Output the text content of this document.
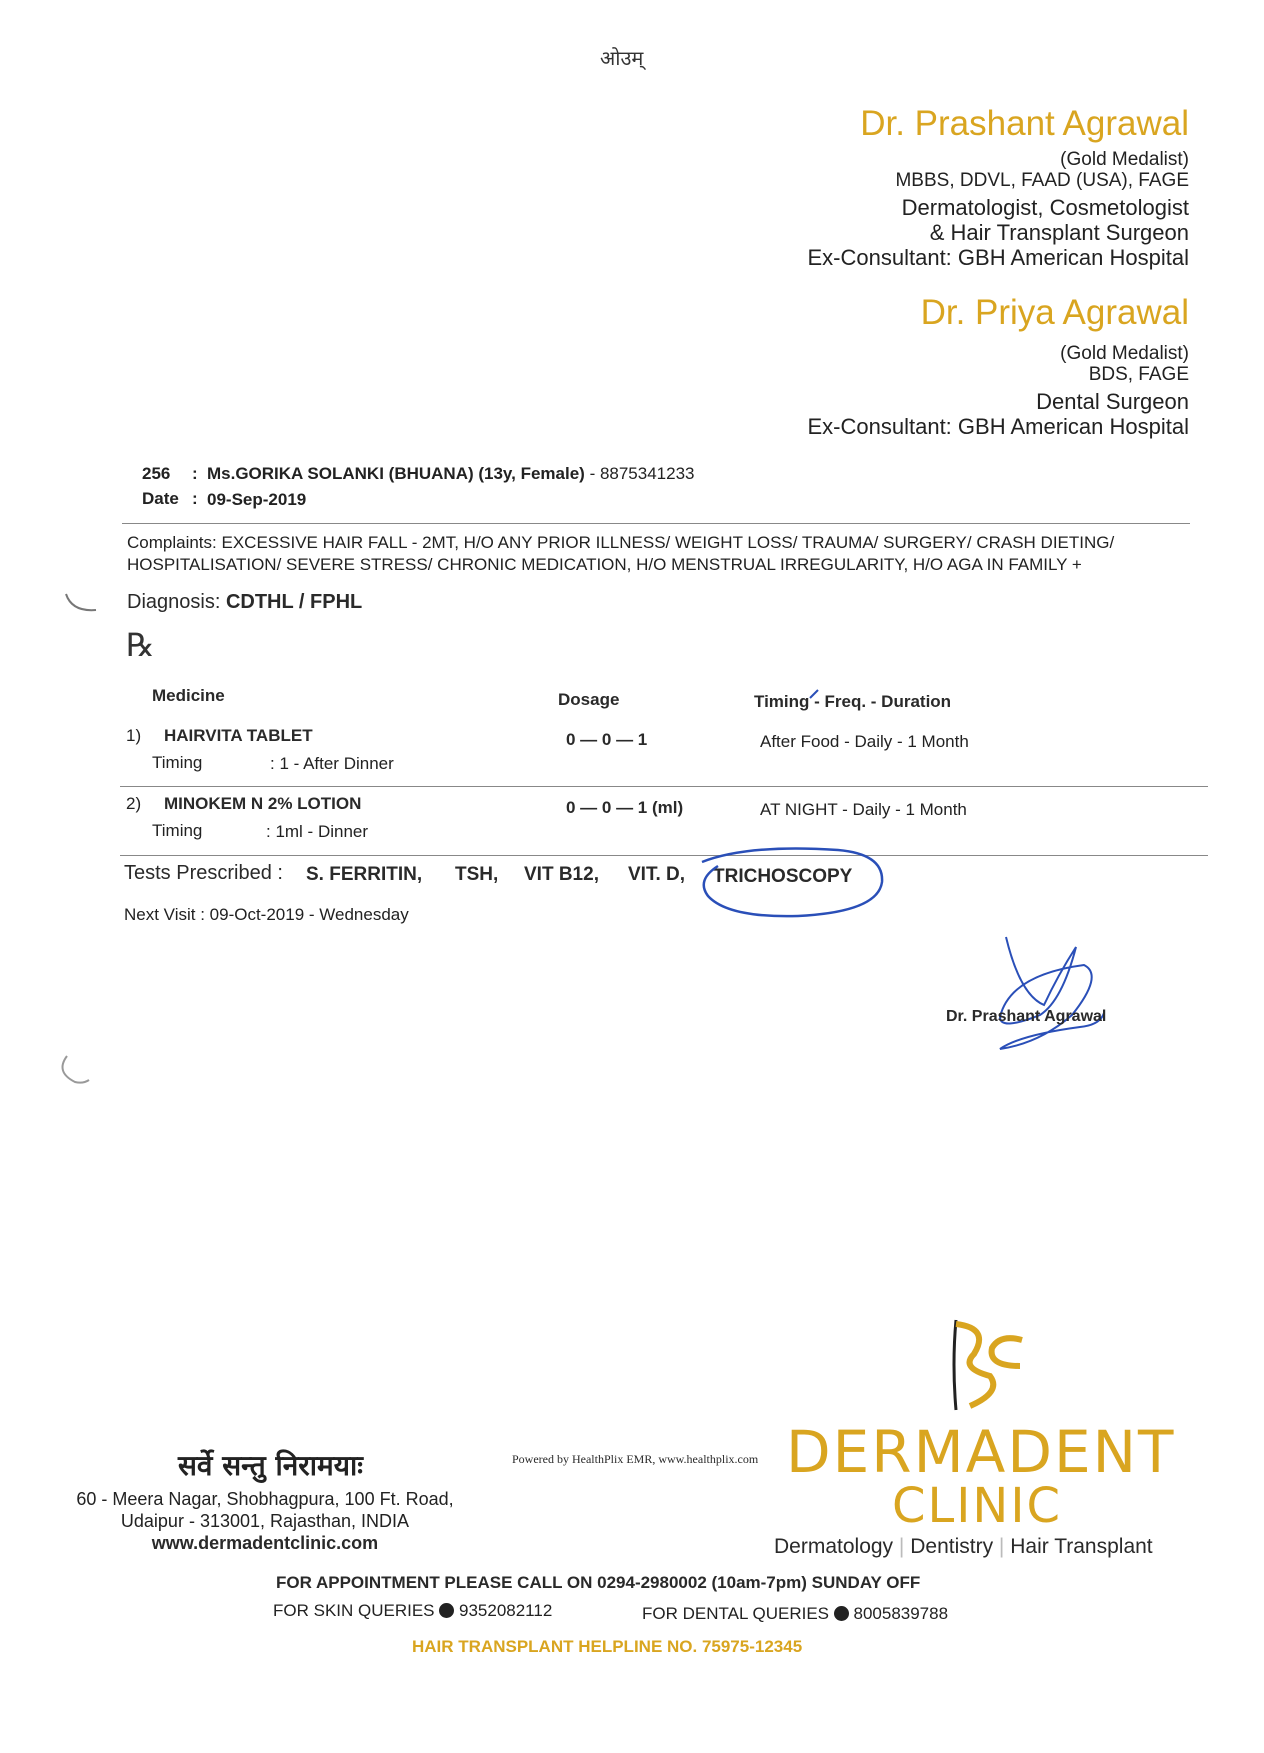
ओउम्
Dr. Prashant Agrawal
(Gold Medalist)
MBBS, DDVL, FAAD (USA), FAGE
Dermatologist, Cosmetologist
& Hair Transplant Surgeon
Ex-Consultant: GBH American Hospital
Dr. Priya Agrawal
(Gold Medalist)
BDS, FAGE
Dental Surgeon
Ex-Consultant: GBH American Hospital
256 : Ms.GORIKA SOLANKI (BHUANA) (13y, Female) - 8875341233
Date : 09-Sep-2019
Complaints: EXCESSIVE HAIR FALL - 2MT, H/O ANY PRIOR ILLNESS/ WEIGHT LOSS/ TRAUMA/ SURGERY/ CRASH DIETING/
HOSPITALISATION/ SEVERE STRESS/ CHRONIC MEDICATION, H/O MENSTRUAL IRREGULARITY, H/O AGA IN FAMILY +
Diagnosis: CDTHL / FPHL
℞
Medicine	Dosage	Timing - Freq. - Duration
1) HAIRVITA TABLET	0 — 0 — 1	After Food - Daily - 1 Month
Timing	: 1 - After Dinner
2) MINOKEM N 2% LOTION	0 — 0 — 1 (ml)	AT NIGHT - Daily - 1 Month
Timing	: 1ml - Dinner
Tests Prescribed : S. FERRITIN, TSH, VIT B12, VIT. D, TRICHOSCOPY
Next Visit : 09-Oct-2019 - Wednesday
Dr. Prashant Agrawal
सर्वे सन्तु निरामयाः
60 - Meera Nagar, Shobhagpura, 100 Ft. Road,
Udaipur - 313001, Rajasthan, INDIA
www.dermadentclinic.com
Powered by HealthPlix EMR, www.healthplix.com DERMADENT
CLINIC
Dermatology | Dentistry | Hair Transplant
FOR APPOINTMENT PLEASE CALL ON 0294-2980002 (10am-7pm) SUNDAY OFF
FOR SKIN QUERIES 9352082112	FOR DENTAL QUERIES 8005839788
HAIR TRANSPLANT HELPLINE NO. 75975-12345
